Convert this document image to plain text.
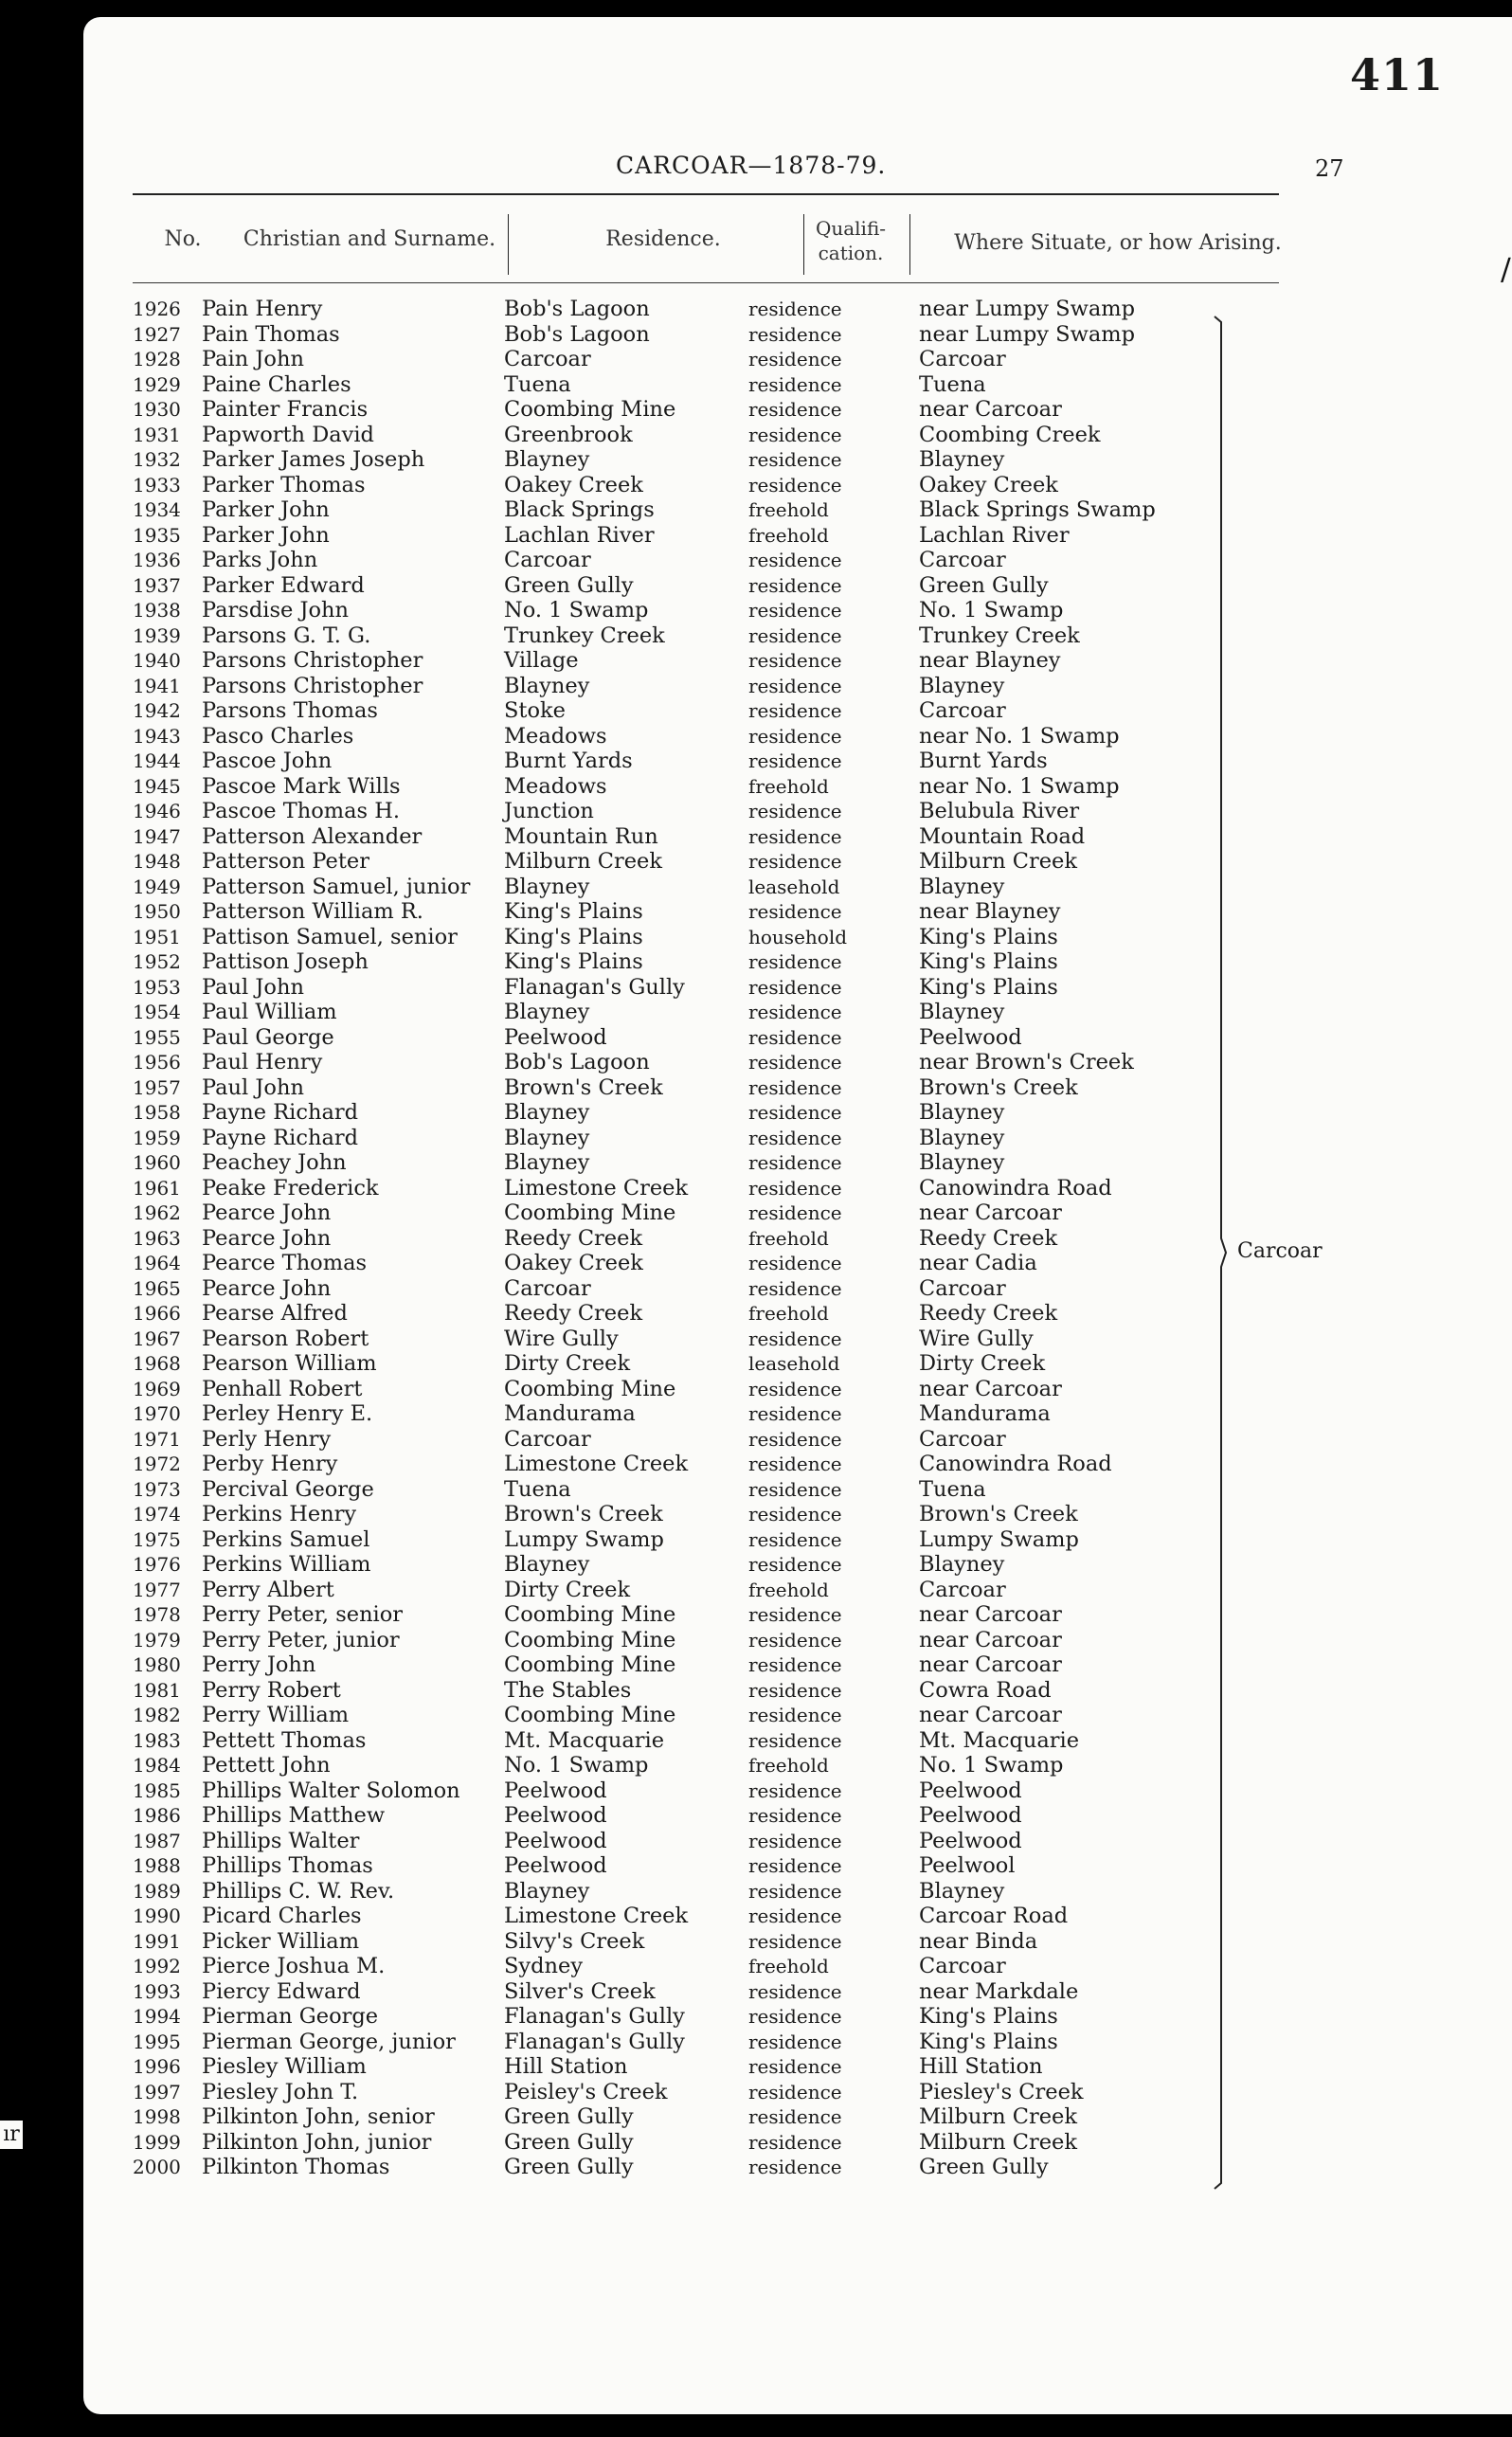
ır
/
411
CARCOAR—1878-79.	27
No.	Christian and Surname.	Residence.	Qualifi-cation.	Where Situate, or how Arising.
1926 Pain Henry	Bob's Lagoon	residence	near Lumpy Swamp
1927 Pain Thomas	Bob's Lagoon	residence	near Lumpy Swamp
1928 Pain John	Carcoar	residence	Carcoar
1929 Paine Charles	Tuena	residence	Tuena
1930 Painter Francis	Coombing Mine	residence	near Carcoar
1931 Papworth David	Greenbrook	residence	Coombing Creek
1932 Parker James Joseph	Blayney	residence	Blayney
1933 Parker Thomas	Oakey Creek	residence	Oakey Creek
1934 Parker John	Black Springs	freehold	Black Springs Swamp
1935 Parker John	Lachlan River	freehold	Lachlan River
1936 Parks John	Carcoar	residence	Carcoar
1937 Parker Edward	Green Gully	residence	Green Gully
1938 Parsdise John	No. 1 Swamp	residence	No. 1 Swamp
1939 Parsons G. T. G.	Trunkey Creek	residence	Trunkey Creek
1940 Parsons Christopher	Village	residence	near Blayney
1941 Parsons Christopher	Blayney	residence	Blayney
1942 Parsons Thomas	Stoke	residence	Carcoar
1943 Pasco Charles	Meadows	residence	near No. 1 Swamp
1944 Pascoe John	Burnt Yards	residence	Burnt Yards
1945 Pascoe Mark Wills	Meadows	freehold	near No. 1 Swamp
1946 Pascoe Thomas H.	Junction	residence	Belubula River
1947 Patterson Alexander	Mountain Run	residence	Mountain Road
1948 Patterson Peter	Milburn Creek	residence	Milburn Creek
1949 Patterson Samuel, junior	Blayney	leasehold	Blayney
1950 Patterson William R.	King's Plains	residence	near Blayney
1951 Pattison Samuel, senior	King's Plains	household	King's Plains
1952 Pattison Joseph	King's Plains	residence	King's Plains
1953 Paul John	Flanagan's Gully	residence	King's Plains
1954 Paul William	Blayney	residence	Blayney
1955 Paul George	Peelwood	residence	Peelwood
1956 Paul Henry	Bob's Lagoon	residence	near Brown's Creek
1957 Paul John	Brown's Creek	residence	Brown's Creek
1958 Payne Richard	Blayney	residence	Blayney
1959 Payne Richard	Blayney	residence	Blayney
1960 Peachey John	Blayney	residence	Blayney
1961 Peake Frederick	Limestone Creek	residence	Canowindra Road
1962 Pearce John	Coombing Mine	residence	near Carcoar
1963 Pearce John	Reedy Creek	freehold	Reedy Creek
1964 Pearce Thomas	Oakey Creek	residence	near Cadia
1965 Pearce John	Carcoar	residence	Carcoar
1966 Pearse Alfred	Reedy Creek	freehold	Reedy Creek
1967 Pearson Robert	Wire Gully	residence	Wire Gully
1968 Pearson William	Dirty Creek	leasehold	Dirty Creek
1969 Penhall Robert	Coombing Mine	residence	near Carcoar
1970 Perley Henry E.	Mandurama	residence	Mandurama
1971 Perly Henry	Carcoar	residence	Carcoar
1972 Perby Henry	Limestone Creek	residence	Canowindra Road
1973 Percival George	Tuena	residence	Tuena
1974 Perkins Henry	Brown's Creek	residence	Brown's Creek
1975 Perkins Samuel	Lumpy Swamp	residence	Lumpy Swamp
1976 Perkins William	Blayney	residence	Blayney
1977 Perry Albert	Dirty Creek	freehold	Carcoar
1978 Perry Peter, senior	Coombing Mine	residence	near Carcoar
1979 Perry Peter, junior	Coombing Mine	residence	near Carcoar
1980 Perry John	Coombing Mine	residence	near Carcoar
1981 Perry Robert	The Stables	residence	Cowra Road
1982 Perry William	Coombing Mine	residence	near Carcoar
1983 Pettett Thomas	Mt. Macquarie	residence	Mt. Macquarie
1984 Pettett John	No. 1 Swamp	freehold	No. 1 Swamp
1985 Phillips Walter Solomon	Peelwood	residence	Peelwood
1986 Phillips Matthew	Peelwood	residence	Peelwood
1987 Phillips Walter	Peelwood	residence	Peelwood
1988 Phillips Thomas	Peelwood	residence	Peelwool
1989 Phillips C. W. Rev.	Blayney	residence	Blayney
1990 Picard Charles	Limestone Creek	residence	Carcoar Road
1991 Picker William	Silvy's Creek	residence	near Binda
1992 Pierce Joshua M.	Sydney	freehold	Carcoar
1993 Piercy Edward	Silver's Creek	residence	near Markdale
1994 Pierman George	Flanagan's Gully	residence	King's Plains
1995 Pierman George, junior	Flanagan's Gully	residence	King's Plains
1996 Piesley William	Hill Station	residence	Hill Station
1997 Piesley John T.	Peisley's Creek	residence	Piesley's Creek
1998 Pilkinton John, senior	Green Gully	residence	Milburn Creek
1999 Pilkinton John, junior	Green Gully	residence	Milburn Creek
2000 Pilkinton Thomas	Green Gully	residence	Green Gully
Carcoar
